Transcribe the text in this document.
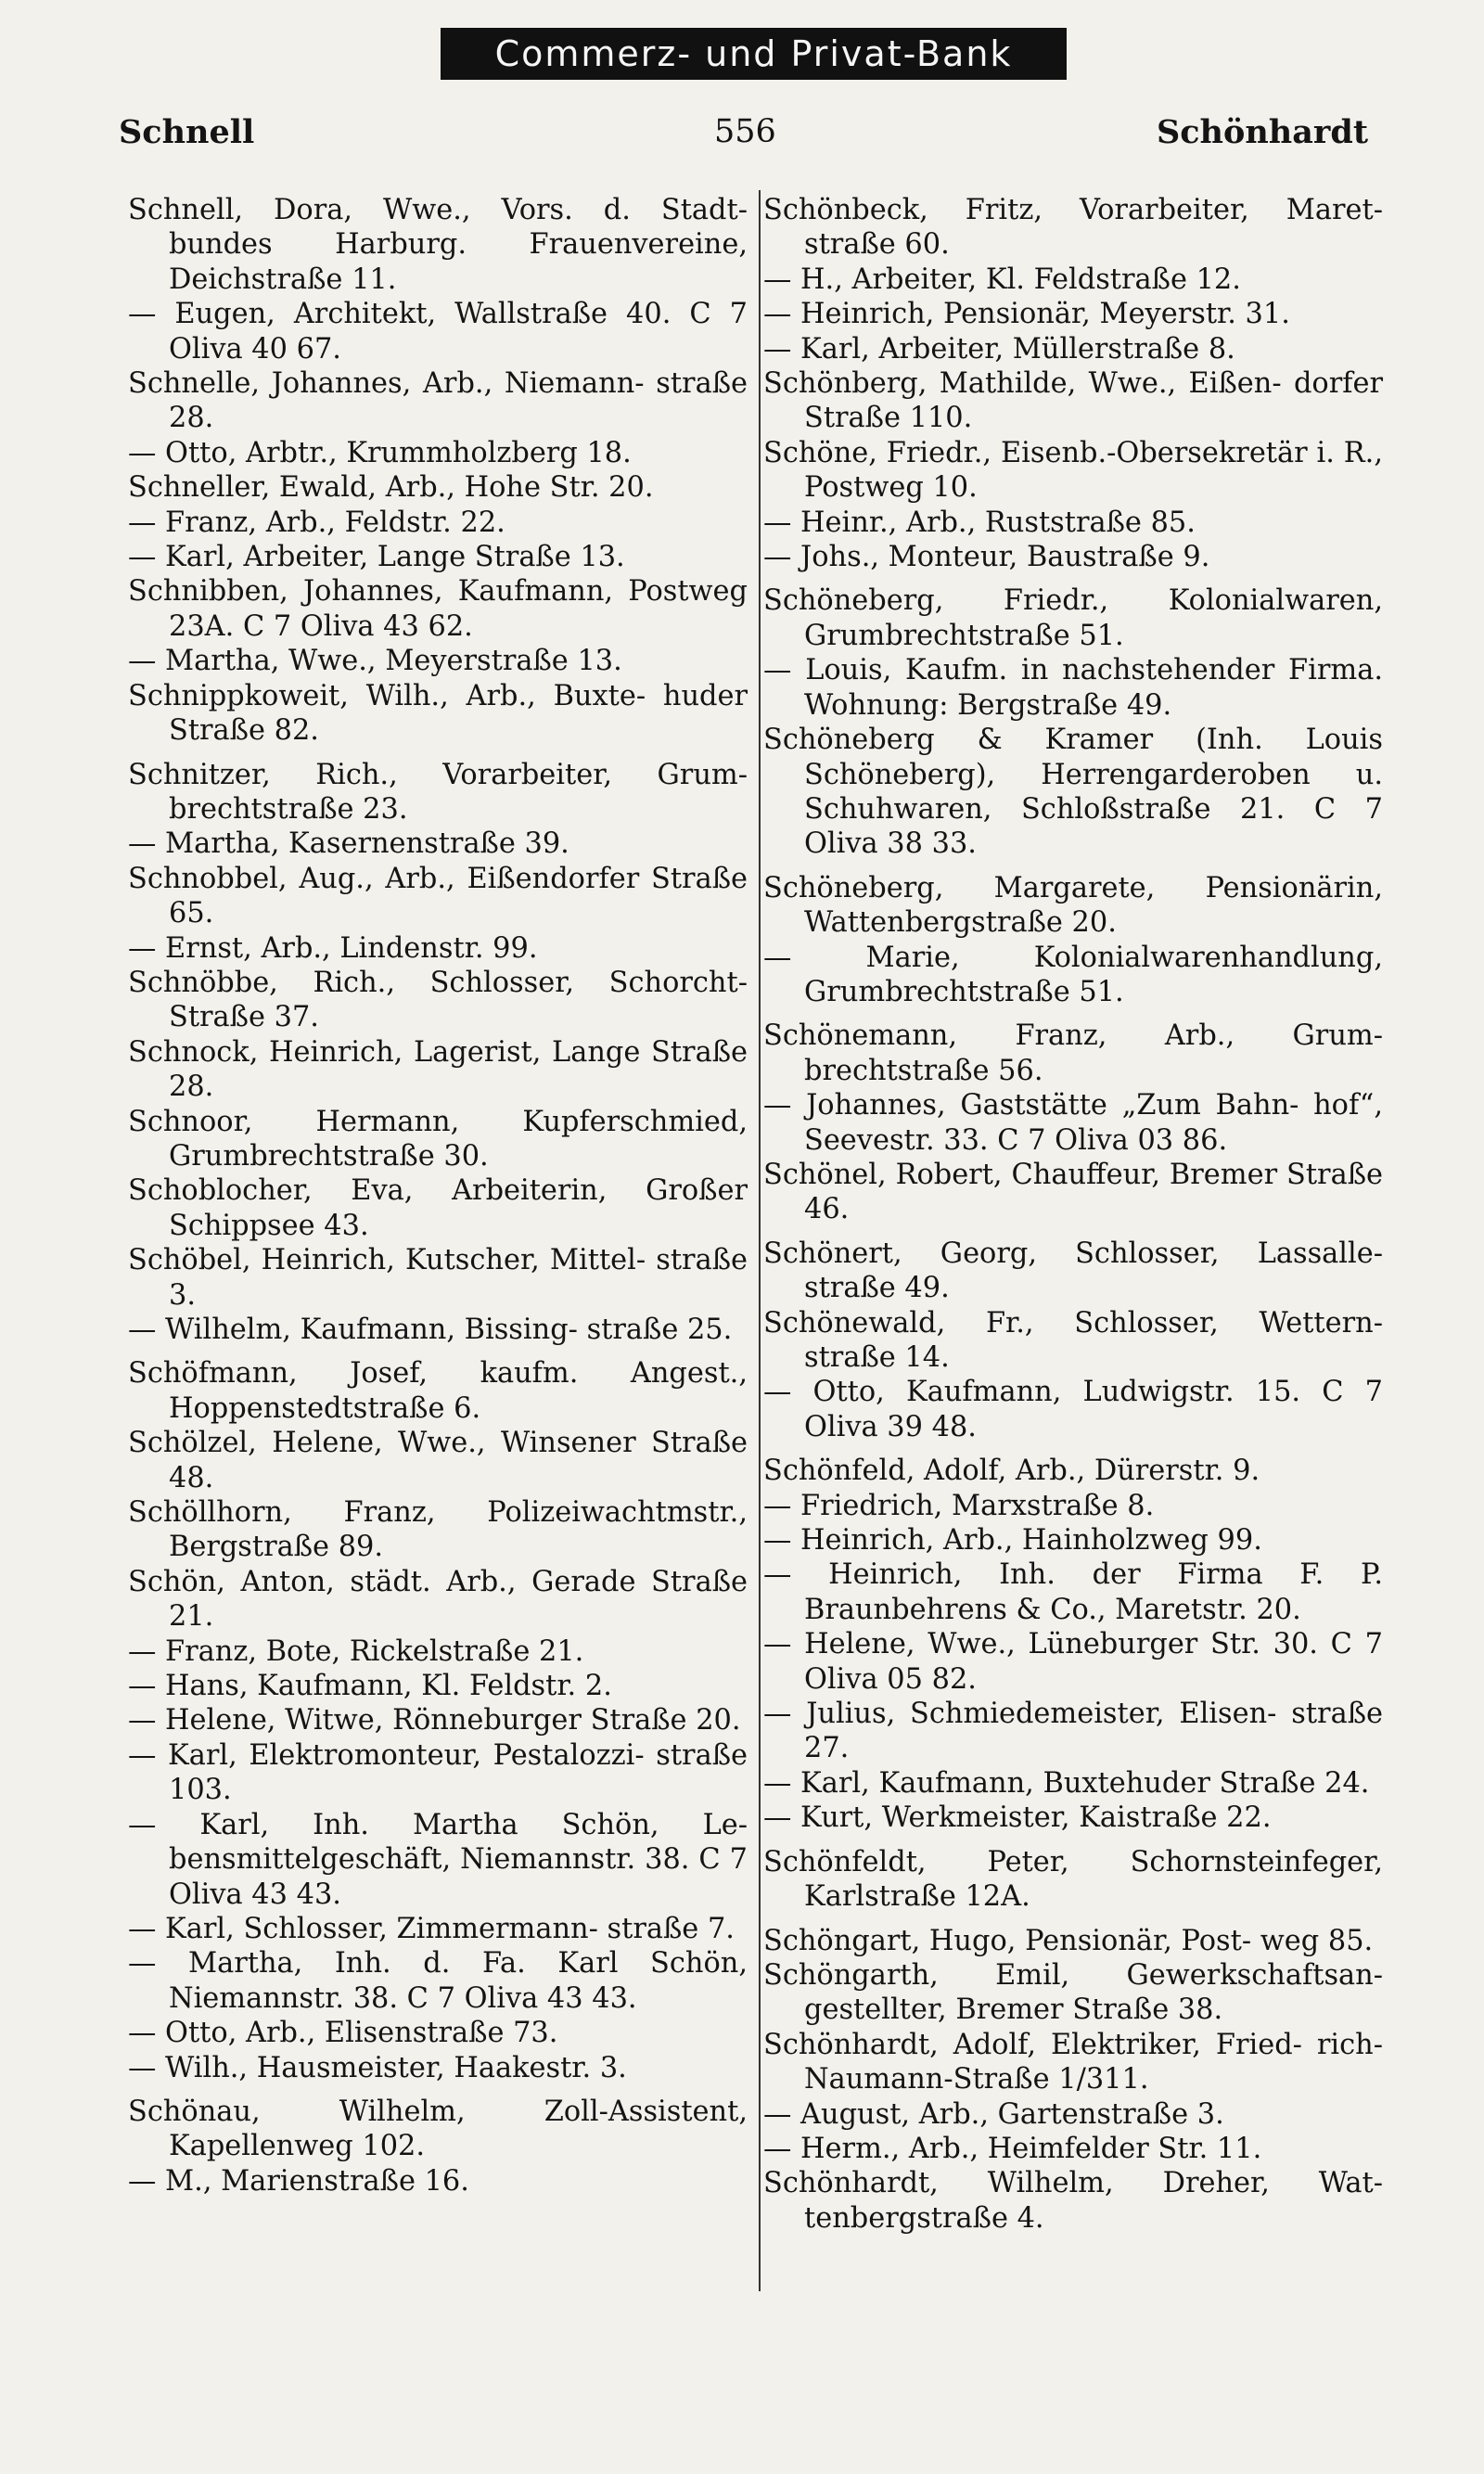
Commerz- und Privat-Bank
Schnell	556	Schönhardt

Schnell, Dora, Wwe., Vors. d. Stadt- bundes Harburg. Frauenvereine, Deichstraße 11.

— Eugen, Architekt, Wallstraße 40. C 7 Oliva 40 67.

Schnelle, Johannes, Arb., Niemann- straße 28.

— Otto, Arbtr., Krummholzberg 18.

Schneller, Ewald, Arb., Hohe Str. 20.

— Franz, Arb., Feldstr. 22.

— Karl, Arbeiter, Lange Straße 13.

Schnibben, Johannes, Kaufmann, Postweg 23A. C 7 Oliva 43 62.

— Martha, Wwe., Meyerstraße 13.

Schnippkoweit, Wilh., Arb., Buxte- huder Straße 82.

Schnitzer, Rich., Vorarbeiter, Grum- brechtstraße 23.

— Martha, Kasernenstraße 39.

Schnobbel, Aug., Arb., Eißendorfer Straße 65.

— Ernst, Arb., Lindenstr. 99.

Schnöbbe, Rich., Schlosser, Schorcht- Straße 37.

Schnock, Heinrich, Lagerist, Lange Straße 28.

Schnoor, Hermann, Kupferschmied, Grumbrechtstraße 30.

Schoblocher, Eva, Arbeiterin, Großer Schippsee 43.

Schöbel, Heinrich, Kutscher, Mittel- straße 3.

— Wilhelm, Kaufmann, Bissing- straße 25.

Schöfmann, Josef, kaufm. Angest., Hoppenstedtstraße 6.

Schölzel, Helene, Wwe., Winsener Straße 48.

Schöllhorn, Franz, Polizeiwachtmstr., Bergstraße 89.

Schön, Anton, städt. Arb., Gerade Straße 21.

— Franz, Bote, Rickelstraße 21.

— Hans, Kaufmann, Kl. Feldstr. 2.

— Helene, Witwe, Rönneburger Straße 20.

— Karl, Elektromonteur, Pestalozzi- straße 103.

— Karl, Inh. Martha Schön, Le- bensmittelgeschäft, Niemannstr. 38. C 7 Oliva 43 43.

— Karl, Schlosser, Zimmermann- straße 7.

— Martha, Inh. d. Fa. Karl Schön, Niemannstr. 38. C 7 Oliva 43 43.

— Otto, Arb., Elisenstraße 73.

— Wilh., Hausmeister, Haakestr. 3.

Schönau, Wilhelm, Zoll-Assistent, Kapellenweg 102.

— M., Marienstraße 16.

Schönbeck, Fritz, Vorarbeiter, Maret- straße 60.

— H., Arbeiter, Kl. Feldstraße 12.

— Heinrich, Pensionär, Meyerstr. 31.

— Karl, Arbeiter, Müllerstraße 8.

Schönberg, Mathilde, Wwe., Eißen- dorfer Straße 110.

Schöne, Friedr., Eisenb.-Obersekretär i. R., Postweg 10.

— Heinr., Arb., Ruststraße 85.

— Johs., Monteur, Baustraße 9.

Schöneberg, Friedr., Kolonialwaren, Grumbrechtstraße 51.

— Louis, Kaufm. in nachstehender Firma. Wohnung: Bergstraße 49.

Schöneberg & Kramer (Inh. Louis Schöneberg), Herrengarderoben u. Schuhwaren, Schloßstraße 21. C 7 Oliva 38 33.

Schöneberg, Margarete, Pensionärin, Wattenbergstraße 20.

— Marie, Kolonialwarenhandlung, Grumbrechtstraße 51.

Schönemann, Franz, Arb., Grum- brechtstraße 56.

— Johannes, Gaststätte „Zum Bahn- hof“, Seevestr. 33. C 7 Oliva 03 86.

Schönel, Robert, Chauffeur, Bremer Straße 46.

Schönert, Georg, Schlosser, Lassalle- straße 49.

Schönewald, Fr., Schlosser, Wettern- straße 14.

— Otto, Kaufmann, Ludwigstr. 15. C 7 Oliva 39 48.

Schönfeld, Adolf, Arb., Dürerstr. 9.

— Friedrich, Marxstraße 8.

— Heinrich, Arb., Hainholzweg 99.

— Heinrich, Inh. der Firma F. P. Braunbehrens & Co., Maretstr. 20.

— Helene, Wwe., Lüneburger Str. 30. C 7 Oliva 05 82.

— Julius, Schmiedemeister, Elisen- straße 27.

— Karl, Kaufmann, Buxtehuder Straße 24.

— Kurt, Werkmeister, Kaistraße 22.

Schönfeldt, Peter, Schornsteinfeger, Karlstraße 12A.

Schöngart, Hugo, Pensionär, Post- weg 85.

Schöngarth, Emil, Gewerkschaftsan- gestellter, Bremer Straße 38.

Schönhardt, Adolf, Elektriker, Fried- rich-Naumann-Straße 1/311.

— August, Arb., Gartenstraße 3.

— Herm., Arb., Heimfelder Str. 11.

Schönhardt, Wilhelm, Dreher, Wat- tenbergstraße 4.
